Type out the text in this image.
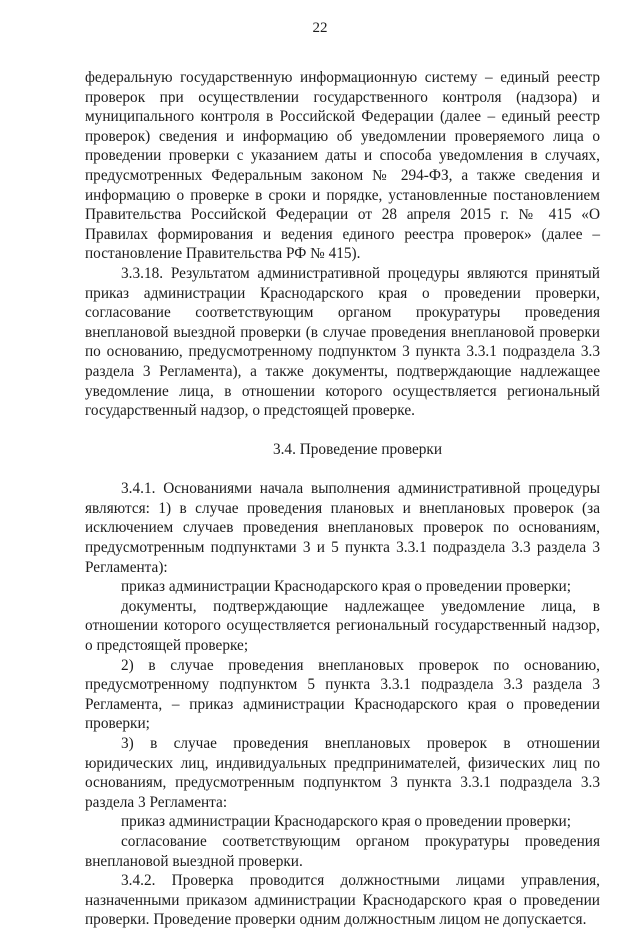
22

федеральную государственную информационную систему – единый реестр проверок при осуществлении государственного контроля (надзора) и муниципального контроля в Российской Федерации (далее – единый реестр проверок) сведения и информацию об уведомлении проверяемого лица о проведении проверки с указанием даты и способа уведомления в случаях, предусмотренных Федеральным законом № 294-ФЗ, а также сведения и информацию о проверке в сроки и порядке, установленные постановлением Правительства Российской Федерации от 28 апреля 2015 г. № 415 «О Правилах формирования и ведения единого реестра проверок» (далее – постановление Правительства РФ № 415).

3.3.18. Результатом административной процедуры являются принятый приказ администрации Краснодарского края о проведении проверки, согласование соответствующим органом прокуратуры проведения внеплановой выездной проверки (в случае проведения внеплановой проверки по основанию, предусмотренному подпунктом 3 пункта 3.3.1 подраздела 3.3 раздела 3 Регламента), а также документы, подтверждающие надлежащее уведомление лица, в отношении которого осуществляется региональный государственный надзор, о предстоящей проверке.

3.4. Проведение проверки

3.4.1. Основаниями начала выполнения административной процедуры являются: 1) в случае проведения плановых и внеплановых проверок (за исключением случаев проведения внеплановых проверок по основаниям, предусмотренным подпунктами 3 и 5 пункта 3.3.1 подраздела 3.3 раздела 3 Регламента):

приказ администрации Краснодарского края о проведении проверки;

документы, подтверждающие надлежащее уведомление лица, в отношении которого осуществляется региональный государственный надзор, о предстоящей проверке;

2) в случае проведения внеплановых проверок по основанию, предусмотренному подпунктом 5 пункта 3.3.1 подраздела 3.3 раздела 3 Регламента, – приказ администрации Краснодарского края о проведении проверки;

3) в случае проведения внеплановых проверок в отношении юридических лиц, индивидуальных предпринимателей, физических лиц по основаниям, предусмотренным подпунктом 3 пункта 3.3.1 подраздела 3.3 раздела 3 Регламента:

приказ администрации Краснодарского края о проведении проверки;

согласование соответствующим органом прокуратуры проведения внеплановой выездной проверки.

3.4.2. Проверка проводится должностными лицами управления, назначенными приказом администрации Краснодарского края о проведении проверки. Проведение проверки одним должностным лицом не допускается.
